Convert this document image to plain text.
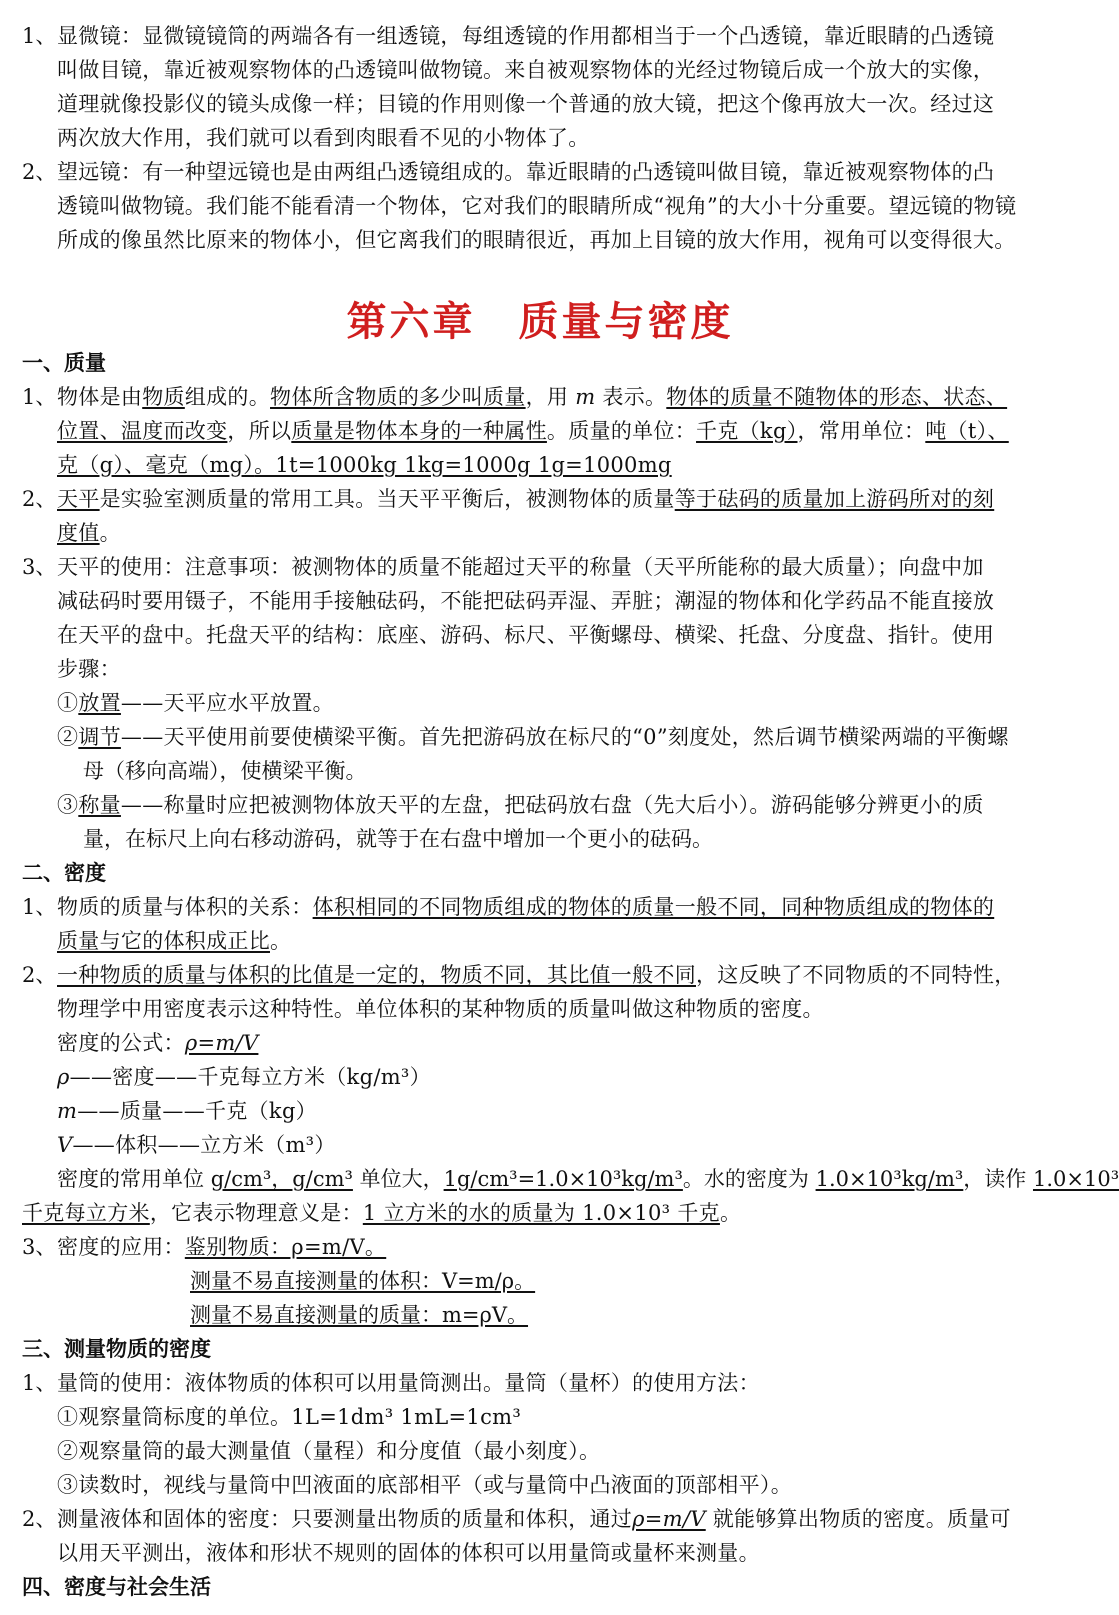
1、 显微镜：显微镜镜筒的两端各有一组透镜，每组透镜的作用都相当于一个凸透镜，靠近眼睛的凸透镜
叫做目镜，靠近被观察物体的凸透镜叫做物镜。来自被观察物体的光经过物镜后成一个放大的实像，
道理就像投影仪的镜头成像一样；目镜的作用则像一个普通的放大镜，把这个像再放大一次。经过这
两次放大作用，我们就可以看到肉眼看不见的小物体了。
2、 望远镜：有一种望远镜也是由两组凸透镜组成的。靠近眼睛的凸透镜叫做目镜，靠近被观察物体的凸
透镜叫做物镜。我们能不能看清一个物体，它对我们的眼睛所成“视角”的大小十分重要。望远镜的物镜
所成的像虽然比原来的物体小，但它离我们的眼睛很近，再加上目镜的放大作用，视角可以变得很大。
第六章　质量与密度
一、质量
1、 物体是由物质组成的。物体所含物质的多少叫质量，用 m 表示。物体的质量不随物体的形态、状态、
位置、温度而改变，所以质量是物体本身的一种属性。质量的单位：千克（kg），常用单位：吨（t）、
克（g）、毫克（mg）。1t=1000kg 1kg=1000g 1g=1000mg
2、 天平是实验室测质量的常用工具。当天平平衡后，被测物体的质量等于砝码的质量加上游码所对的刻
度值。
3、 天平的使用：注意事项：被测物体的质量不能超过天平的称量（天平所能称的最大质量）；向盘中加
减砝码时要用镊子，不能用手接触砝码，不能把砝码弄湿、弄脏；潮湿的物体和化学药品不能直接放
在天平的盘中。托盘天平的结构：底座、游码、标尺、平衡螺母、横梁、托盘、分度盘、指针。使用
步骤：
①放置——天平应水平放置。
②调节——天平使用前要使横梁平衡。首先把游码放在标尺的“0”刻度处，然后调节横梁两端的平衡螺
母（移向高端），使横梁平衡。
③称量——称量时应把被测物体放天平的左盘，把砝码放右盘（先大后小）。游码能够分辨更小的质
量，在标尺上向右移动游码，就等于在右盘中增加一个更小的砝码。
二、密度
1、 物质的质量与体积的关系：体积相同的不同物质组成的物体的质量一般不同，同种物质组成的物体的
质量与它的体积成正比。
2、 一种物质的质量与体积的比值是一定的，物质不同，其比值一般不同，这反映了不同物质的不同特性，
物理学中用密度表示这种特性。单位体积的某种物质的质量叫做这种物质的密度。
密度的公式：ρ=m/V
ρ——密度——千克每立方米（kg/m³）
m——质量——千克（kg）
V——体积——立方米（m³）
密度的常用单位 g/cm³，g/cm³ 单位大，1g/cm³=1.0×10³kg/m³。水的密度为 1.0×10³kg/m³，读作 1.0×10³
千克每立方米，它表示物理意义是：1 立方米的水的质量为 1.0×10³ 千克。
3、 密度的应用：鉴别物质：ρ=m/V。
测量不易直接测量的体积：V=m/ρ。
测量不易直接测量的质量：m=ρV。
三、测量物质的密度
1、 量筒的使用：液体物质的体积可以用量筒测出。量筒（量杯）的使用方法：
①观察量筒标度的单位。1L=1dm³ 1mL=1cm³
②观察量筒的最大测量值（量程）和分度值（最小刻度）。
③读数时，视线与量筒中凹液面的底部相平（或与量筒中凸液面的顶部相平）。
2、 测量液体和固体的密度：只要测量出物质的质量和体积，通过ρ=m/V 就能够算出物质的密度。质量可
以用天平测出，液体和形状不规则的固体的体积可以用量筒或量杯来测量。
四、密度与社会生活
